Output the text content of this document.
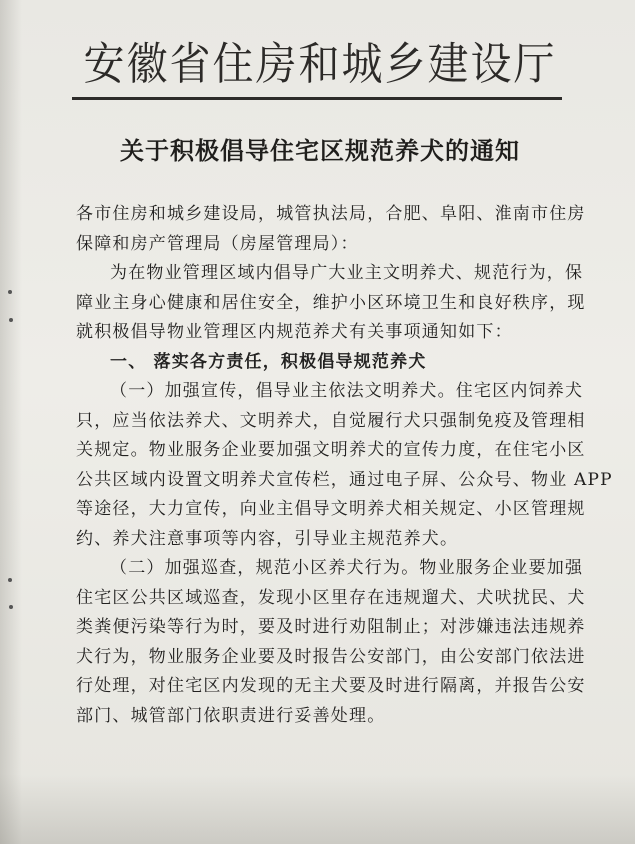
安徽省住房和城乡建设厅
关于积极倡导住宅区规范养犬的通知
各市住房和城乡建设局，城管执法局，合肥、阜阳、淮南市住房
保障和房产管理局（房屋管理局）：
为在物业管理区域内倡导广大业主文明养犬、规范行为，保
障业主身心健康和居住安全，维护小区环境卫生和良好秩序，现
就积极倡导物业管理区内规范养犬有关事项通知如下：
一、 落实各方责任，积极倡导规范养犬
（一）加强宣传，倡导业主依法文明养犬。住宅区内饲养犬
只，应当依法养犬、文明养犬，自觉履行犬只强制免疫及管理相
关规定。物业服务企业要加强文明养犬的宣传力度，在住宅小区
公共区域内设置文明养犬宣传栏，通过电子屏、公众号、物业 APP
等途径，大力宣传，向业主倡导文明养犬相关规定、小区管理规
约、养犬注意事项等内容，引导业主规范养犬。
（二）加强巡查，规范小区养犬行为。物业服务企业要加强
住宅区公共区域巡查，发现小区里存在违规遛犬、犬吠扰民、犬
类粪便污染等行为时，要及时进行劝阻制止；对涉嫌违法违规养
犬行为，物业服务企业要及时报告公安部门，由公安部门依法进
行处理，对住宅区内发现的无主犬要及时进行隔离，并报告公安
部门、城管部门依职责进行妥善处理。
